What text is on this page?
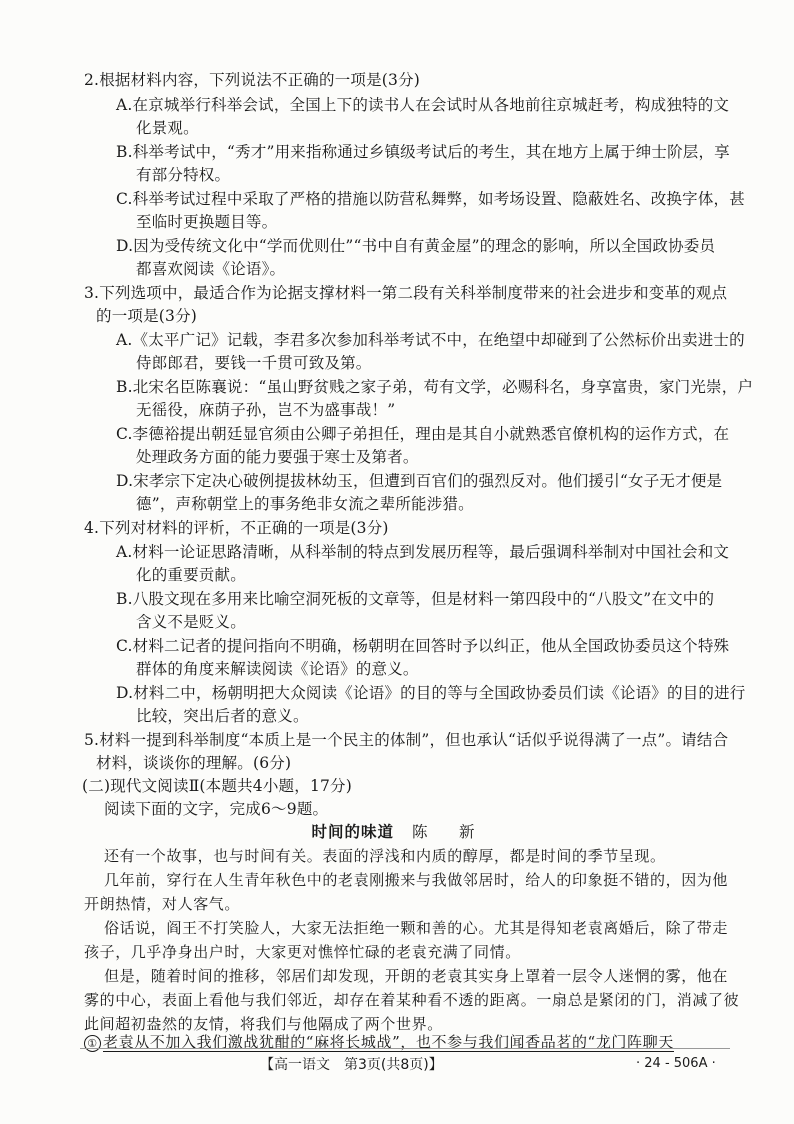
2.根据材料内容，下列说法不正确的一项是(3分)
A.在京城举行科举会试，全国上下的读书人在会试时从各地前往京城赶考，构成独特的文
化景观。
B.科举考试中，“秀才”用来指称通过乡镇级考试后的考生，其在地方上属于绅士阶层，享
有部分特权。
C.科举考试过程中采取了严格的措施以防营私舞弊，如考场设置、隐蔽姓名、改换字体，甚
至临时更换题目等。
D.因为受传统文化中“学而优则仕”“书中自有黄金屋”的理念的影响，所以全国政协委员
都喜欢阅读《论语》。
3.下列选项中，最适合作为论据支撑材料一第二段有关科举制度带来的社会进步和变革的观点
的一项是(3分)
A.《太平广记》记载，李君多次参加科举考试不中，在绝望中却碰到了公然标价出卖进士的
侍郎郎君，要钱一千贯可致及第。
B.北宋名臣陈襄说：“虽山野贫贱之家子弟，苟有文学，必赐科名，身享富贵，家门光崇，户
无徭役，庥荫子孙，岂不为盛事哉！”
C.李德裕提出朝廷显官须由公卿子弟担任，理由是其自小就熟悉官僚机构的运作方式，在
处理政务方面的能力要强于寒士及第者。
D.宋孝宗下定决心破例提拔林幼玉，但遭到百官们的强烈反对。他们援引“女子无才便是
德”，声称朝堂上的事务绝非女流之辈所能涉猎。
4.下列对材料的评析，不正确的一项是(3分)
A.材料一论证思路清晰，从科举制的特点到发展历程等，最后强调科举制对中国社会和文
化的重要贡献。
B.八股文现在多用来比喻空洞死板的文章等，但是材料一第四段中的“八股文”在文中的
含义不是贬义。
C.材料二记者的提问指向不明确，杨朝明在回答时予以纠正，他从全国政协委员这个特殊
群体的角度来解读阅读《论语》的意义。
D.材料二中，杨朝明把大众阅读《论语》的目的等与全国政协委员们读《论语》的目的进行
比较，突出后者的意义。
5.材料一提到科举制度“本质上是一个民主的体制”，但也承认“话似乎说得满了一点”。请结合
材料，谈谈你的理解。(6分)
(二)现代文阅读Ⅱ(本题共4小题，17分)
阅读下面的文字，完成6～9题。
时间的味道 陈　新
还有一个故事，也与时间有关。表面的浮浅和内质的醇厚，都是时间的季节呈现。
几年前，穿行在人生青年秋色中的老袁刚搬来与我做邻居时，给人的印象挺不错的，因为他
开朗热情，对人客气。
俗话说，阎王不打笑脸人，大家无法拒绝一颗和善的心。尤其是得知老袁离婚后，除了带走
孩子，几乎净身出户时，大家更对憔悴忙碌的老袁充满了同情。
但是，随着时间的推移，邻居们却发现，开朗的老袁其实身上罩着一层令人迷惘的雾，他在
雾的中心，表面上看他与我们邻近，却存在着某种看不透的距离。一扇总是紧闭的门，消减了彼
此间超初盎然的友情，将我们与他隔成了两个世界。
① 老袁从不加入我们激战犹酣的“麻将长城战”，也不参与我们闻香品茗的“龙门阵聊天
【高一语文　第3页(共8页)】	· 24 - 506A ·
